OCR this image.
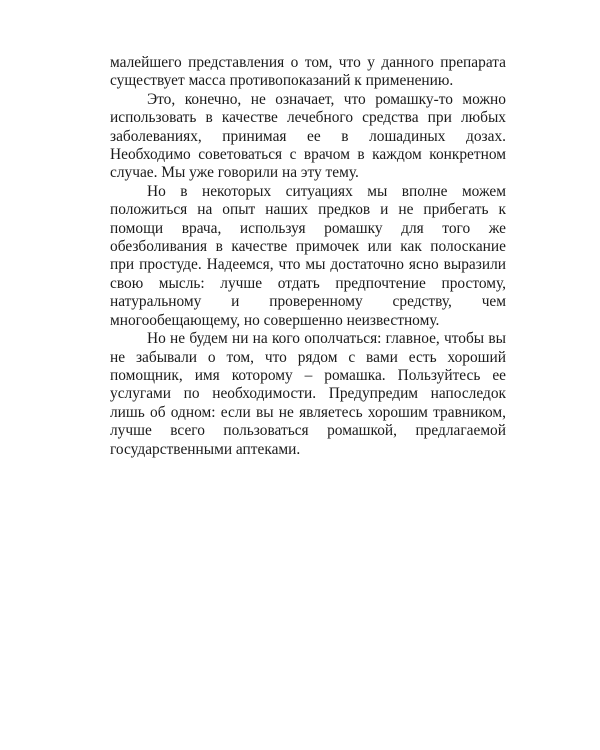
малейшего представления о том, что у данного препарата существует масса противопоказаний к применению.

Это, конечно, не означает, что ромашку-то можно использовать в качестве лечебного средства при любых заболеваниях, принимая ее в лошадиных дозах. Необходимо советоваться с врачом в каждом конкретном случае. Мы уже говорили на эту тему.

Но в некоторых ситуациях мы вполне можем положиться на опыт наших предков и не прибегать к помощи врача, используя ромашку для того же обезболивания в качестве примочек или как полоскание при простуде. Надеемся, что мы достаточно ясно выразили свою мысль: лучше отдать предпочтение простому, натуральному и проверенному средству, чем многообещающему, но совершенно неизвестному.

Но не будем ни на кого ополчаться: главное, чтобы вы не забывали о том, что рядом с вами есть хороший помощник, имя которому – ромашка. Пользуйтесь ее услугами по необходимости. Предупредим напоследок лишь об одном: если вы не являетесь хорошим травником, лучше всего пользоваться ромашкой, предлагаемой государственными аптеками.
